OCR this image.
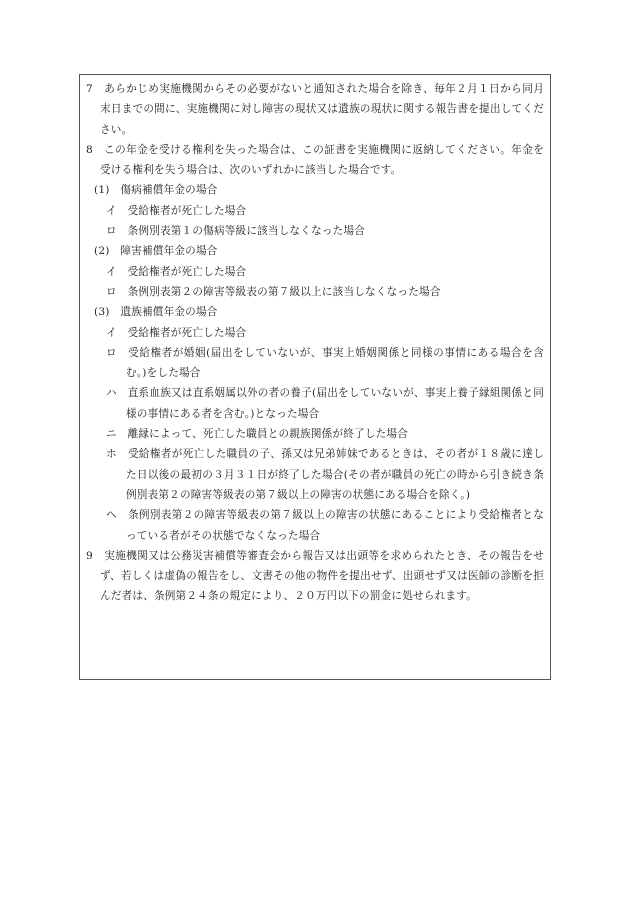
7　 あらかじめ実施機関からその必要がないと通知された場合を除き、毎年２月１日から同月末日までの間に、実施機関に対し障害の現状又は遺族の現状に関する報告書を提出してください。

8　 この年金を受ける権利を失った場合は、この証書を実施機関に返納してください。年金を受ける権利を失う場合は、次のいずれかに該当した場合です。

(1)　 傷病補償年金の場合

イ　 受給権者が死亡した場合

ロ　 条例別表第１の傷病等級に該当しなくなった場合

(2)　 障害補償年金の場合

イ　 受給権者が死亡した場合

ロ　 条例別表第２の障害等級表の第７級以上に該当しなくなった場合

(3)　 遺族補償年金の場合

イ　 受給権者が死亡した場合

ロ　 受給権者が婚姻(届出をしていないが、事実上婚姻関係と同様の事情にある場合を含む。)をした場合

ハ　 直系血族又は直系姻属以外の者の養子(届出をしていないが、事実上養子縁組関係と同様の事情にある者を含む。)となった場合

ニ　 離縁によって、死亡した職員との親族関係が終了した場合

ホ　 受給権者が死亡した職員の子、孫又は兄弟姉妹であるときは、その者が１８歳に達した日以後の最初の３月３１日が終了した場合(その者が職員の死亡の時から引き続き条例別表第２の障害等級表の第７級以上の障害の状態にある場合を除く。)

ヘ　 条例別表第２の障害等級表の第７級以上の障害の状態にあることにより受給権者となっている者がその状態でなくなった場合

9　 実施機関又は公務災害補償等審査会から報告又は出頭等を求められたとき、その報告をせず、若しくは虚偽の報告をし、文書その他の物件を提出せず、出頭せず又は医師の診断を拒んだ者は、条例第２４条の規定により、２０万円以下の罰金に処せられます。
